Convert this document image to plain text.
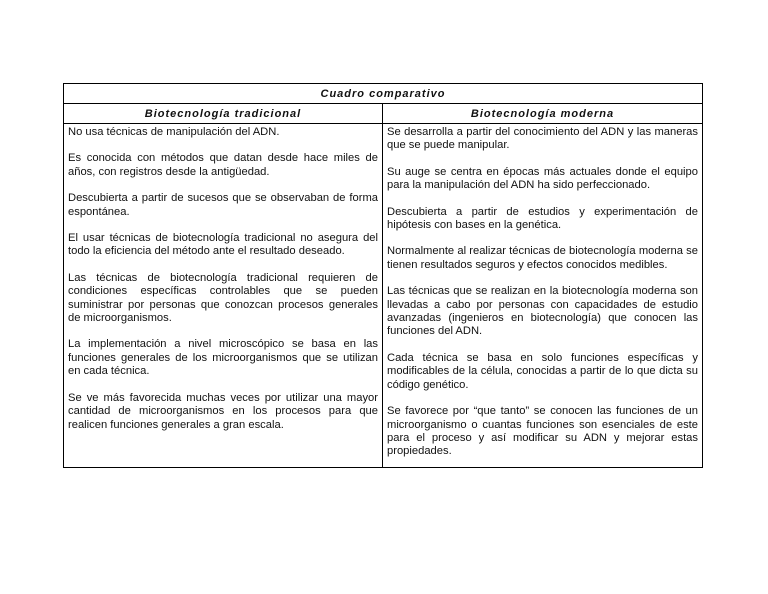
Cuadro comparativo
Biotecnología tradicional	Biotecnología moderna

No usa técnicas de manipulación del ADN.

Es conocida con métodos que datan desde hace miles de años, con registros desde la antigüedad.

Descubierta a partir de sucesos que se observaban de forma espontánea.

El usar técnicas de biotecnología tradicional no asegura del todo la eficiencia del método ante el resultado deseado.

Las técnicas de biotecnología tradicional requieren de condiciones específicas controlables que se pueden suministrar por personas que conozcan procesos generales de microorganismos.

La implementación a nivel microscópico se basa en las funciones generales de los microorganismos que se utilizan en cada técnica.

Se ve más favorecida muchas veces por utilizar una mayor cantidad de microorganismos en los procesos para que realicen funciones generales a gran escala.

Se desarrolla a partir del conocimiento del ADN y las maneras que se puede manipular.

Su auge se centra en épocas más actuales donde el equipo para la manipulación del ADN ha sido perfeccionado.

Descubierta a partir de estudios y experimentación de hipótesis con bases en la genética.

Normalmente al realizar técnicas de biotecnología moderna se tienen resultados seguros y efectos conocidos medibles.

Las técnicas que se realizan en la biotecnología moderna son llevadas a cabo por personas con capacidades de estudio avanzadas (ingenieros en biotecnología) que conocen las funciones del ADN.

Cada técnica se basa en solo funciones específicas y modificables de la célula, conocidas a partir de lo que dicta su código genético.

Se favorece por “que tanto” se conocen las funciones de un microorganismo o cuantas funciones son esenciales de este para el proceso y así modificar su ADN y mejorar estas propiedades.
